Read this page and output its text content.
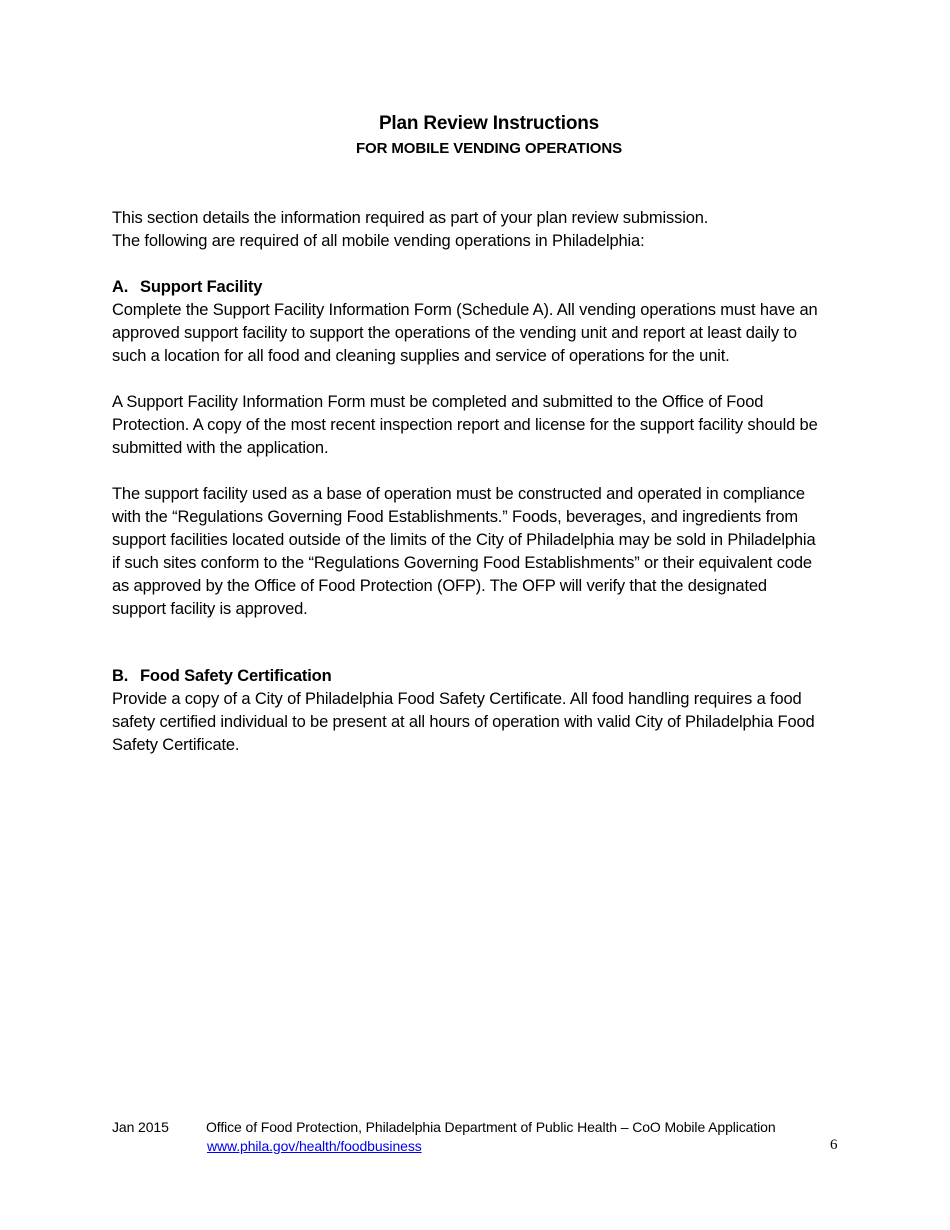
Plan Review Instructions
FOR MOBILE VENDING OPERATIONS

This section details the information required as part of your plan review submission.

The following are required of all mobile vending operations in Philadelphia:

A. Support Facility

Complete the Support Facility Information Form (Schedule A). All vending operations must have an approved support facility to support the operations of the vending unit and report at least daily to such a location for all food and cleaning supplies and service of operations for the unit.

A Support Facility Information Form must be completed and submitted to the Office of Food Protection. A copy of the most recent inspection report and license for the support facility should be submitted with the application.

The support facility used as a base of operation must be constructed and operated in compliance with the “Regulations Governing Food Establishments.” Foods, beverages, and ingredients from support facilities located outside of the limits of the City of Philadelphia may be sold in Philadelphia if such sites conform to the “Regulations Governing Food Establishments” or their equivalent code as approved by the Office of Food Protection (OFP). The OFP will verify that the designated support facility is approved.

B. Food Safety Certification

Provide a copy of a City of Philadelphia Food Safety Certificate. All food handling requires a food safety certified individual to be present at all hours of operation with valid City of Philadelphia Food Safety Certificate.

Jan 2015	Office of Food Protection, Philadelphia Department of Public Health – CoO Mobile Application
www.phila.gov/health/foodbusiness	6
